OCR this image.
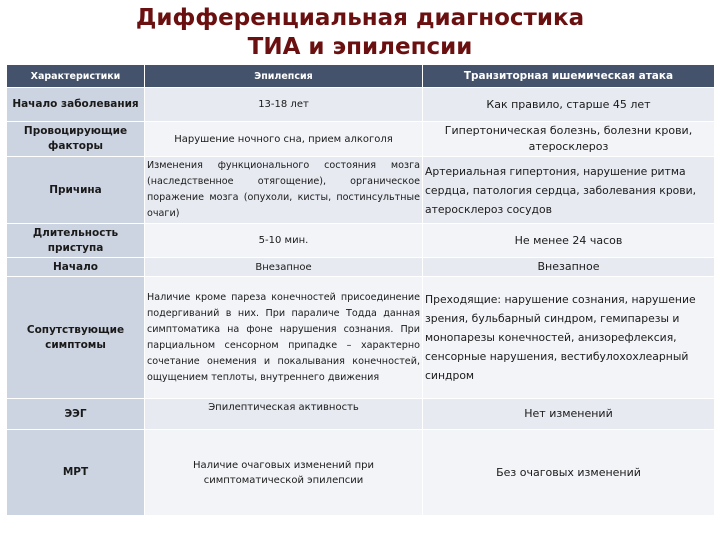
Дифференциальная диагностика
ТИА и эпилепсии
Характеристики	Эпилепсия	Транзиторная ишемическая атака
Начало заболевания	13-18 лет	Как правило, старше 45 лет
Провоцирующие факторы	Нарушение ночного сна, прием алкоголя	Гипертоническая болезнь, болезни крови, атеросклероз
Причина	Изменения функционального состояния мозга (наследственное отягощение), органическое поражение мозга (опухоли, кисты, постинсультные очаги)	Артериальная гипертония, нарушение ритма сердца, патология сердца, заболевания крови, атеросклероз сосудов
Длительность приступа	5-10 мин.	Не менее 24 часов
Начало	Внезапное	Внезапное
Сопутствующие симптомы	Наличие кроме пареза конечностей присоединение подергиваний в них. При параличе Тодда данная симптоматика на фоне нарушения сознания. При парциальном сенсорном припадке – характерно сочетание онемения и покалывания конечностей, ощущением теплоты, внутреннего движения	Преходящие: нарушение сознания, нарушение зрения, бульбарный синдром, гемипарезы и монопарезы конечностей, анизорефлексия, сенсорные нарушения, вестибулохохлеарный синдром
ЭЭГ	Эпилептическая активность	Нет изменений
МРТ	Наличие очаговых изменений при симптоматической эпилепсии	Без очаговых изменений
